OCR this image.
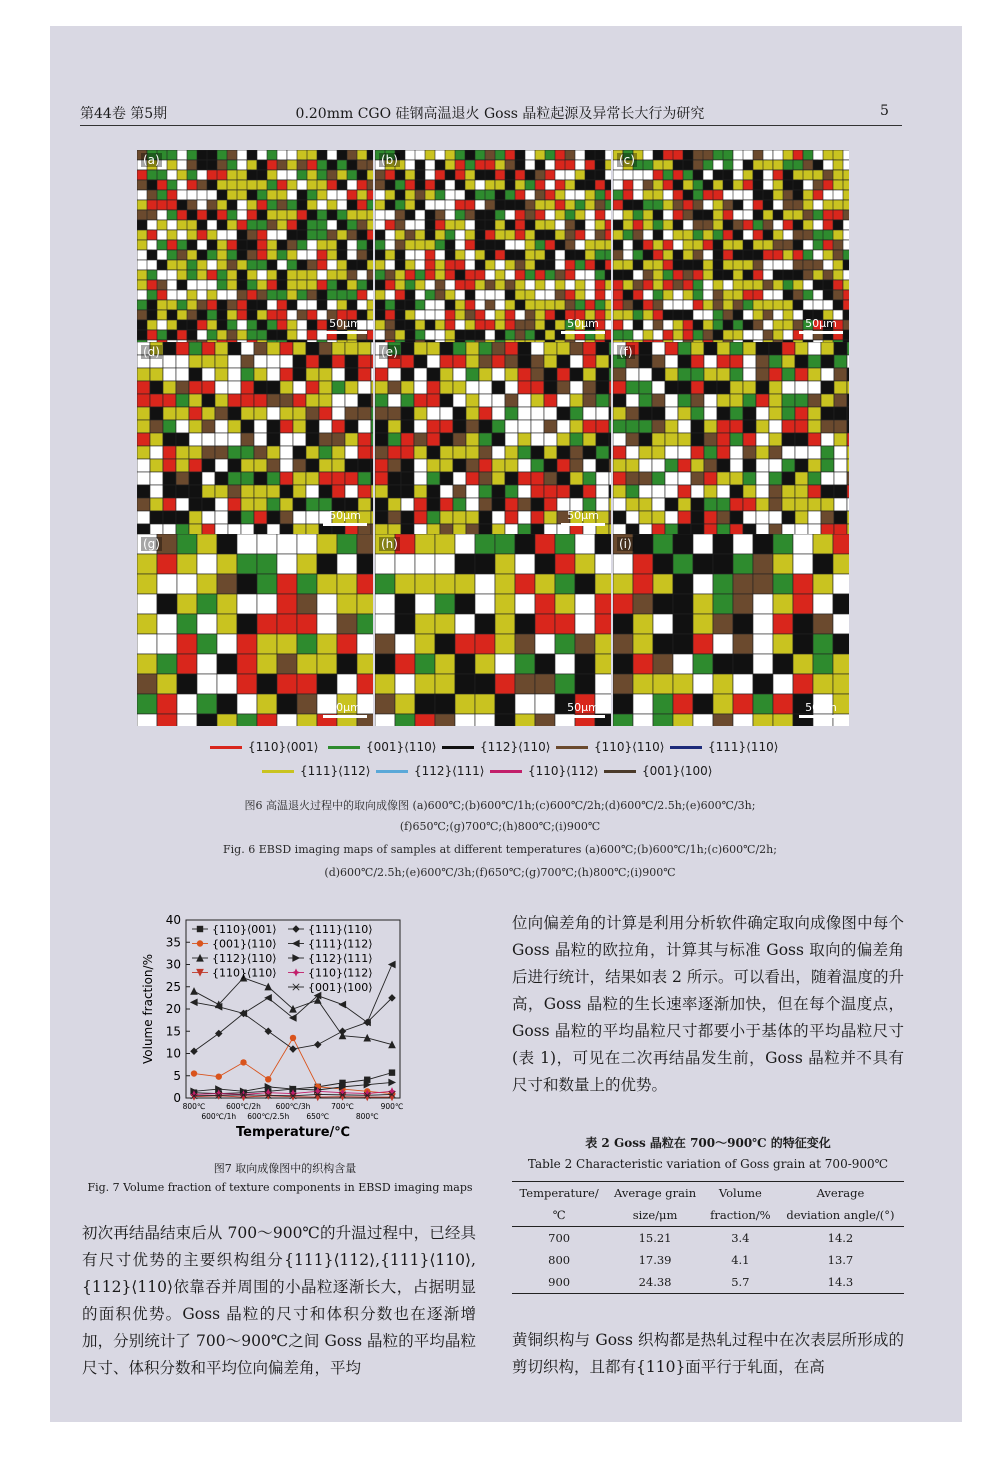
第44卷 第5期	0.20mm CGO 硅钢高温退火 Goss 晶粒起源及异常长大行为研究	5
(a)
50μm
(b)
50μm
(c)
50μm
(d)
50μm
(e)
50μm
(f)
(g)
50μm
(h)
50μm
(i)
50μm
{110}⟨001⟩	{001}⟨110⟩	{112}⟨110⟩	{110}⟨110⟩	{111}⟨110⟩
{111}⟨112⟩	{112}⟨111⟩	{110}⟨112⟩	{001}⟨100⟩
图6 高温退火过程中的取向成像图 (a)600℃;(b)600℃/1h;(c)600℃/2h;(d)600℃/2.5h;(e)600℃/3h;
(f)650℃;(g)700℃;(h)800℃;(i)900℃
Fig. 6 EBSD imaging maps of samples at different temperatures (a)600℃;(b)600℃/1h;(c)600℃/2h;
(d)600℃/2.5h;(e)600℃/3h;(f)650℃;(g)700℃;(h)800℃;(i)900℃
0
5
10
15
20
25
30
35
40
800℃	600℃/2h 600℃/3h	700℃	900℃
600℃/1h 600℃/2.5h 650℃	800℃
Temperature/℃
Volume fraction/%
{110}⟨001⟩
{001}⟨110⟩
{112}⟨110⟩
{110}⟨110⟩
{111}⟨110⟩
{111}⟨112⟩
{112}⟨111⟩
{110}⟨112⟩
{001}⟨100⟩
图7 取向成像图中的织构含量
Fig. 7 Volume fraction of texture components in EBSD imaging maps
位向偏差角的计算是利用分析软件确定取向成像图中每个 Goss 晶粒的欧拉角，计算其与标准 Goss 取向的偏差角后进行统计，结果如表 2 所示。可以看出，随着温度的升高，Goss 晶粒的生长速率逐渐加快，但在每个温度点，Goss 晶粒的平均晶粒尺寸都要小于基体的平均晶粒尺寸(表 1)，可见在二次再结晶发生前，Goss 晶粒并不具有尺寸和数量上的优势。
表 2 Goss 晶粒在 700～900℃ 的特征变化
Table 2 Characteristic variation of Goss grain at 700-900℃
Temperature/	Average grain	Volume	Average
℃	size/μm	fraction/%	deviation angle/(°)
700	15.21	3.4	14.2
800	17.39	4.1	13.7
900	24.38	5.7	14.3
初次再结晶结束后从 700～900℃的升温过程中，已经具有尺寸优势的主要织构组分{111}⟨112⟩,{111}⟨110⟩,{112}⟨110⟩依靠吞并周围的小晶粒逐渐长大，占据明显的面积优势。Goss 晶粒的尺寸和体积分数也在逐渐增加，分别统计了 700～900℃之间 Goss 晶粒的平均晶粒尺寸、体积分数和平均位向偏差角，平均
黄铜织构与 Goss 织构都是热轧过程中在次表层所形成的剪切织构，且都有{110}面平行于轧面，在高
